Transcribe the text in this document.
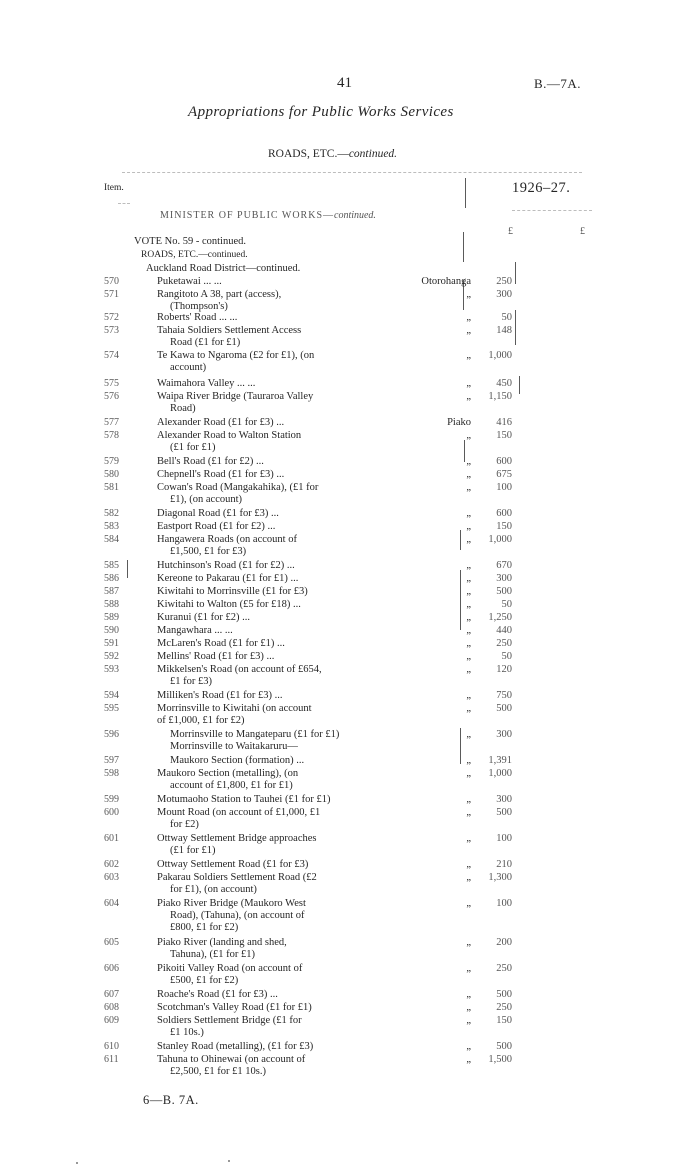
41	B.—7A.
Appropriations for Public Works Services
ROADS, ETC.—continued.
Item.	1926–27.
MINISTER OF PUBLIC WORKS—continued.
£	£
VOTE No. 59 - continued.
ROADS, ETC.—continued.
Auckland Road District—continued.
570	Puketawai ... ...	Otorohanga 250
571	Rangitoto A 38, part (access),
(Thompson's)
„ 300
572	Roberts' Road ... ...	„	50
573	Tahaia Soldiers Settlement Access
Road (£1 for £1)
„ 148
574	Te Kawa to Ngaroma (£2 for £1), (on
account)
„ 1,000
575	Waimahora Valley ... ...	„ 450
576	Waipa River Bridge (Tauraroa Valley
Road)
„ 1,150
577	Alexander Road (£1 for £3) ...	Piako 416
578	Alexander Road to Walton Station
(£1 for £1)
„ 150
579	Bell's Road (£1 for £2) ...	„ 600
580	Chepnell's Road (£1 for £3) ...	„ 675
581	Cowan's Road (Mangakahika), (£1 for
£1), (on account)
„ 100
582	Diagonal Road (£1 for £3) ...	„ 600
583	Eastport Road (£1 for £2) ...	„ 150
584	Hangawera Roads (on account of
£1,500, £1 for £3)
„ 1,000
585	Hutchinson's Road (£1 for £2) ...	„ 670
586	Kereone to Pakarau (£1 for £1) ...	„ 300
587	Kiwitahi to Morrinsville (£1 for £3)	„ 500
588	Kiwitahi to Walton (£5 for £18) ...	„	50
589	Kuranui (£1 for £2) ...	„ 1,250
590	Mangawhara ... ...	„ 440
591	McLaren's Road (£1 for £1) ...	„ 250
592	Mellins' Road (£1 for £3) ...	„	50
593	Mikkelsen's Road (on account of £654,
£1 for £3)
„ 120
594	Milliken's Road (£1 for £3) ...	„ 750
595	Morrinsville to Kiwitahi (on account
of £1,000, £1 for £2)
„ 500
596	Morrinsville to Mangateparu (£1 for £1)
Morrinsville to Waitakaruru—
„ 300
597	Maukoro Section (formation) ...	„ 1,391
598	Maukoro Section (metalling), (on
account of £1,800, £1 for £1)
„ 1,000
599	Motumaoho Station to Tauhei (£1 for £1)	„ 300
600	Mount Road (on account of £1,000, £1
for £2)
„ 500
601	Ottway Settlement Bridge approaches
(£1 for £1)
„ 100
602	Ottway Settlement Road (£1 for £3)	„ 210
603	Pakarau Soldiers Settlement Road (£2
for £1), (on account)
„ 1,300
604	Piako River Bridge (Maukoro West
Road), (Tahuna), (on account of
£800, £1 for £2)
„ 100
605	Piako River (landing and shed,
Tahuna), (£1 for £1)
„ 200
606	Pikoiti Valley Road (on account of
£500, £1 for £2)
„ 250
607	Roache's Road (£1 for £3) ...	„ 500
608	Scotchman's Valley Road (£1 for £1)	„ 250
609	Soldiers Settlement Bridge (£1 for
£1 10s.)
„ 150
610	Stanley Road (metalling), (£1 for £3)	„ 500
611	Tahuna to Ohinewai (on account of
£2,500, £1 for £1 10s.)
„ 1,500
6—B. 7A.
